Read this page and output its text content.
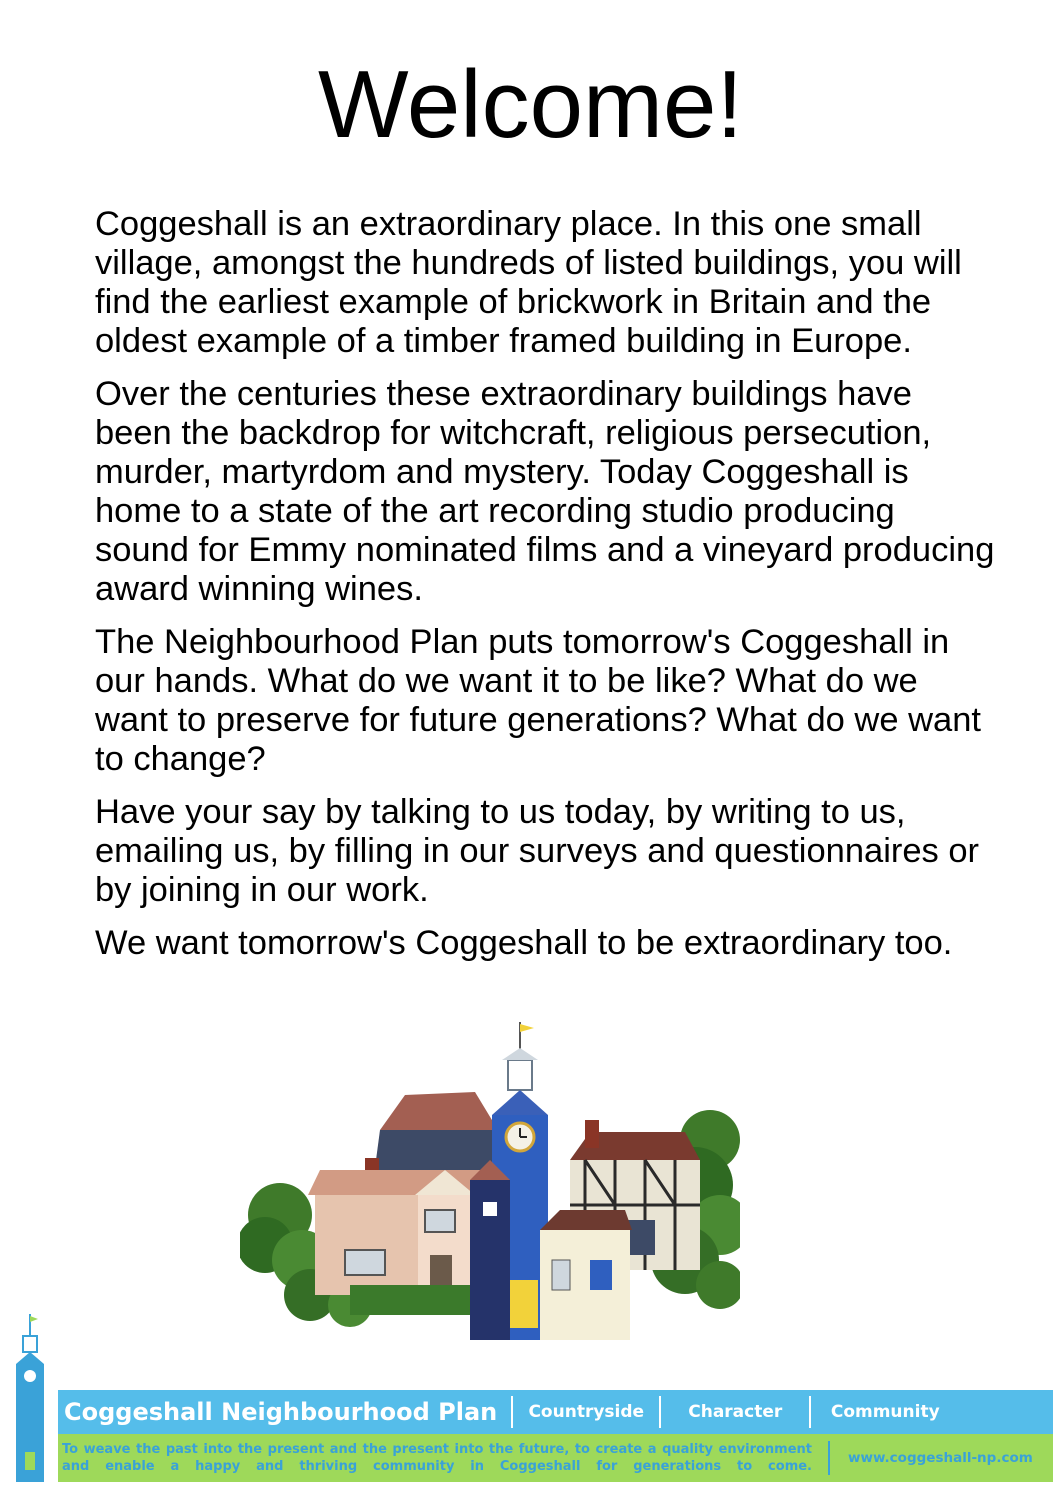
Welcome!

Coggeshall is an extraordinary place. In this one small village, amongst the hundreds of listed buildings, you will find the earliest example of brickwork in Britain and the oldest example of a timber framed building in Europe.

Over the centuries these extraordinary buildings have been the backdrop for witchcraft, religious persecution, murder, martyrdom and mystery. Today Coggeshall is home to a state of the art recording studio producing sound for Emmy nominated films and a vineyard producing award winning wines.

The Neighbourhood Plan puts tomorrow's Coggeshall in our hands. What do we want it to be like? What do we want to preserve for future generations? What do we want to change?

Have your say by talking to us today, by writing to us, emailing us, by filling in our surveys and questionnaires or by joining in our work.

We want tomorrow's Coggeshall to be extraordinary too.

Coggeshall Neighbourhood Plan	Countryside	Character	Community
To weave the past into the present and the present into the future, to create a quality environment and enable a happy and thriving community in Coggeshall for generations to come.
www.coggeshall-np.com
